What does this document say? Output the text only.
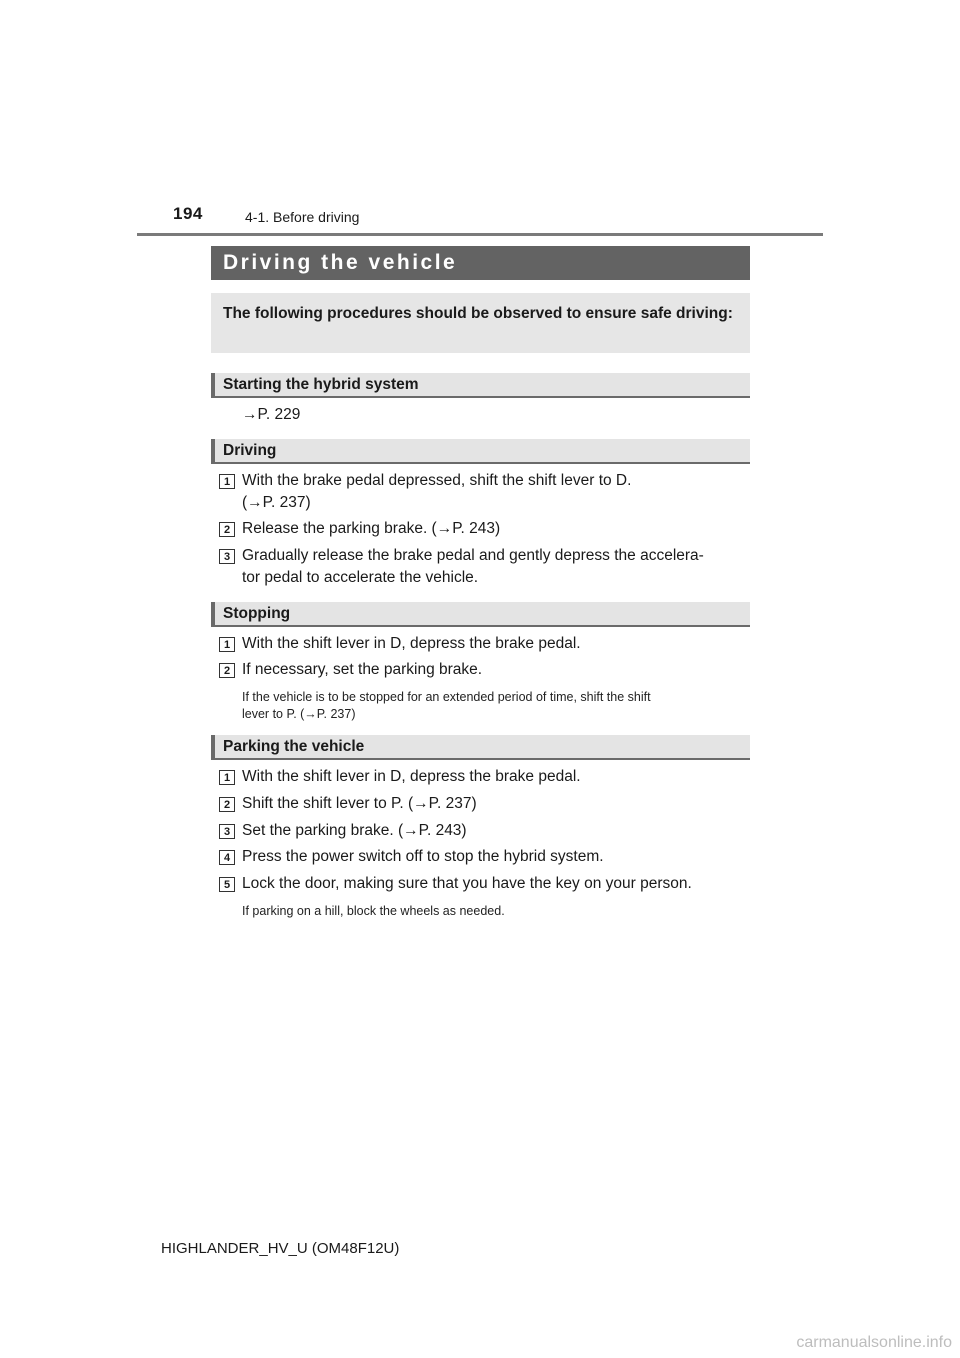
194	4-1. Before driving
Driving the vehicle

The following procedures should be observed to ensure safe driving:

Starting the hybrid system
→P. 229
Driving
1 With the brake pedal depressed, shift the shift lever to D.
(→P. 237)
2 Release the parking brake. (→P. 243)
3 Gradually release the brake pedal and gently depress the accelera-
tor pedal to accelerate the vehicle.
Stopping
1 With the shift lever in D, depress the brake pedal.
2 If necessary, set the parking brake.
If the vehicle is to be stopped for an extended period of time, shift the shift
lever to P. (→P. 237)
Parking the vehicle
1 With the shift lever in D, depress the brake pedal.
2 Shift the shift lever to P. (→P. 237)
3 Set the parking brake. (→P. 243)
4 Press the power switch off to stop the hybrid system.
5 Lock the door, making sure that you have the key on your person.
If parking on a hill, block the wheels as needed.
HIGHLANDER_HV_U (OM48F12U)
carmanualsonline.info
